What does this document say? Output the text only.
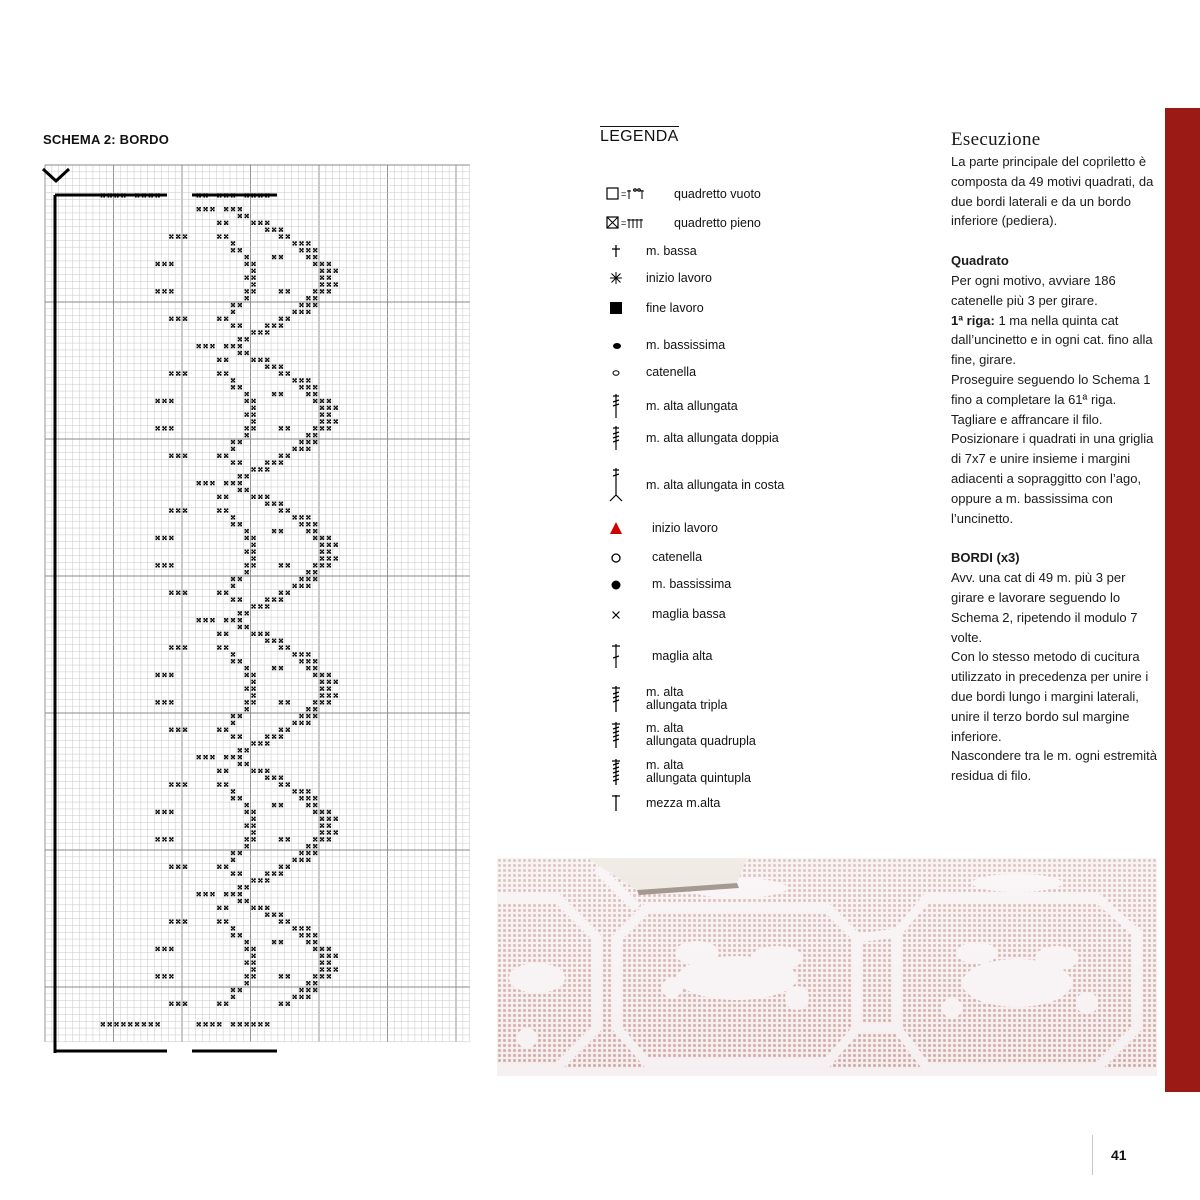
SCHEMA 2: BORDO	LEGENDA
=	quadretto vuoto
=	quadretto pieno
m. bassa
inizio lavoro
fine lavoro
m. bassissima
catenella
m. alta allungata
m. alta allungata doppia
m. alta allungata in costa
inizio lavoro
catenella
m. bassissima
maglia bassa
maglia alta
m. alta
allungata tripla
m. alta
allungata quadrupla
m. alta
allungata quintupla
mezza m.alta
Esecuzione

La parte principale del copriletto è composta da 49 motivi quadrati, da due bordi laterali e da un bordo inferiore (pediera).

Quadrato

Per ogni motivo, avviare 186 catenelle più 3 per girare.

1ª riga: 1 ma nella quinta cat dall’uncinetto e in ogni cat. fino alla fine, girare.

Proseguire seguendo lo Schema 1 fino a completare la 61ª riga. Tagliare e affrancare il filo. Posizionare i quadrati in una griglia di 7x7 e unire insieme i margini adiacenti a sopraggitto con l’ago, oppure a m. bassissima con l’uncinetto.

BORDI (x3)

Avv. una cat di 49 m. più 3 per girare e lavorare seguendo lo Schema 2, ripetendo il modulo 7 volte.

Con lo stesso metodo di cucitura utilizzato in precedenza per unire i due bordi lungo i margini laterali, unire il terzo bordo sul margine inferiore.

Nascondere tra le m. ogni estremità residua di filo.

41
